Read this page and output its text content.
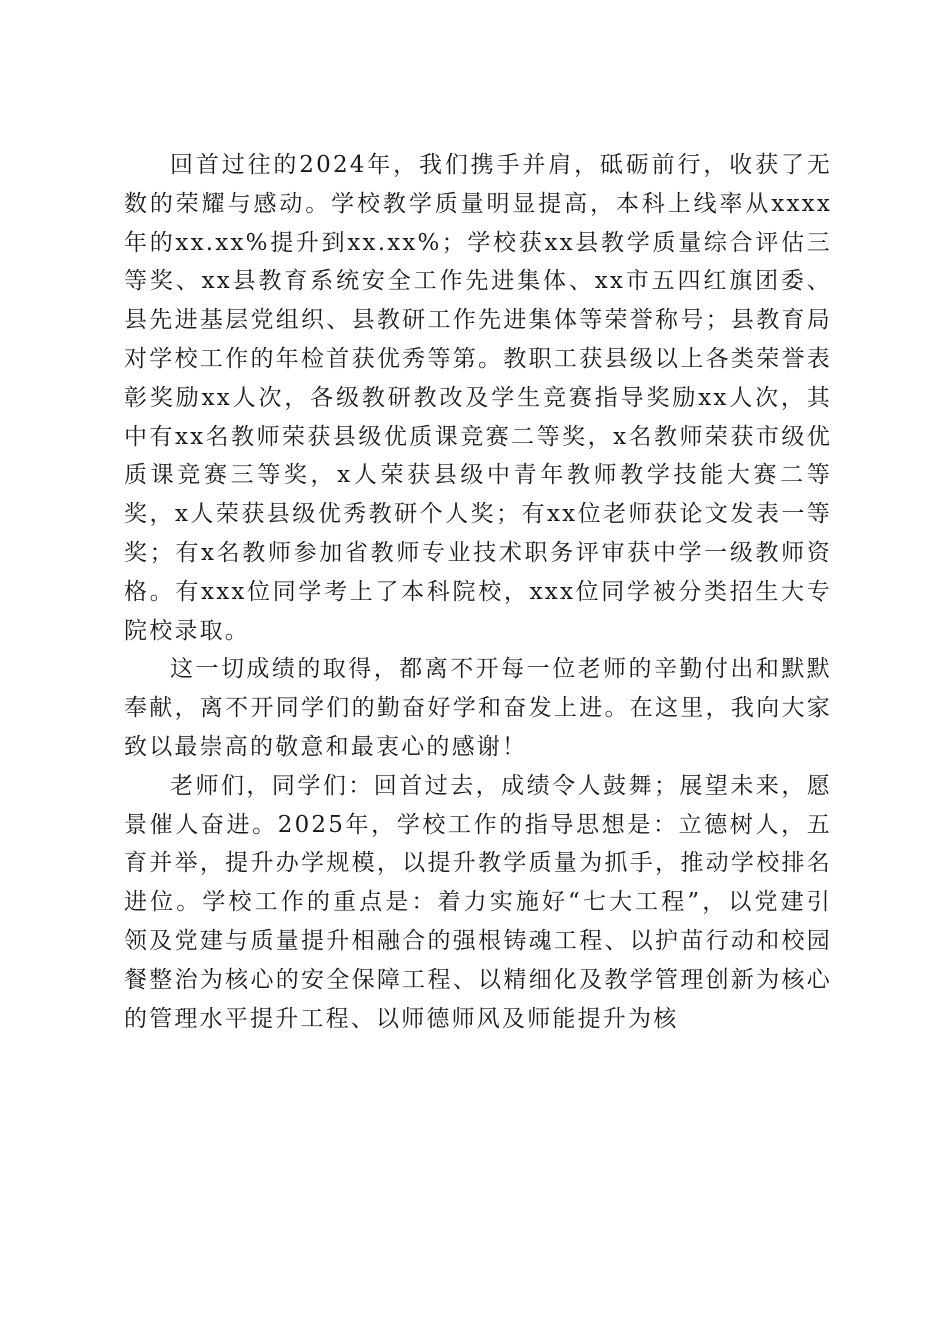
回首过往的2024年，我们携手并肩，砥砺前行，收获了无数的荣耀与感动。学校教学质量明显提高，本科上线率从xxxx年的xx.xx%提升到xx.xx%；学校获xx县教学质量综合评估三等奖、xx县教育系统安全工作先进集体、xx市五四红旗团委、县先进基层党组织、县教研工作先进集体等荣誉称号；县教育局对学校工作的年检首获优秀等第。教职工获县级以上各类荣誉表彰奖励xx人次，各级教研教改及学生竞赛指导奖励xx人次，其中有xx名教师荣获县级优质课竞赛二等奖，x名教师荣获市级优质课竞赛三等奖，x人荣获县级中青年教师教学技能大赛二等奖，x人荣获县级优秀教研个人奖；有xx位老师获论文发表一等奖；有x名教师参加省教师专业技术职务评审获中学一级教师资格。有xxx位同学考上了本科院校，xxx位同学被分类招生大专院校录取。

这一切成绩的取得，都离不开每一位老师的辛勤付出和默默奉献，离不开同学们的勤奋好学和奋发上进。在这里，我向大家致以最崇高的敬意和最衷心的感谢！

老师们，同学们：回首过去，成绩令人鼓舞；展望未来，愿景催人奋进。2025年，学校工作的指导思想是：立德树人，五育并举，提升办学规模，以提升教学质量为抓手，推动学校排名进位。学校工作的重点是：着力实施好“七大工程”，以党建引领及党建与质量提升相融合的强根铸魂工程、以护苗行动和校园餐整治为核心的安全保障工程、以精细化及教学管理创新为核心的管理水平提升工程、以师德师风及师能提升为核
